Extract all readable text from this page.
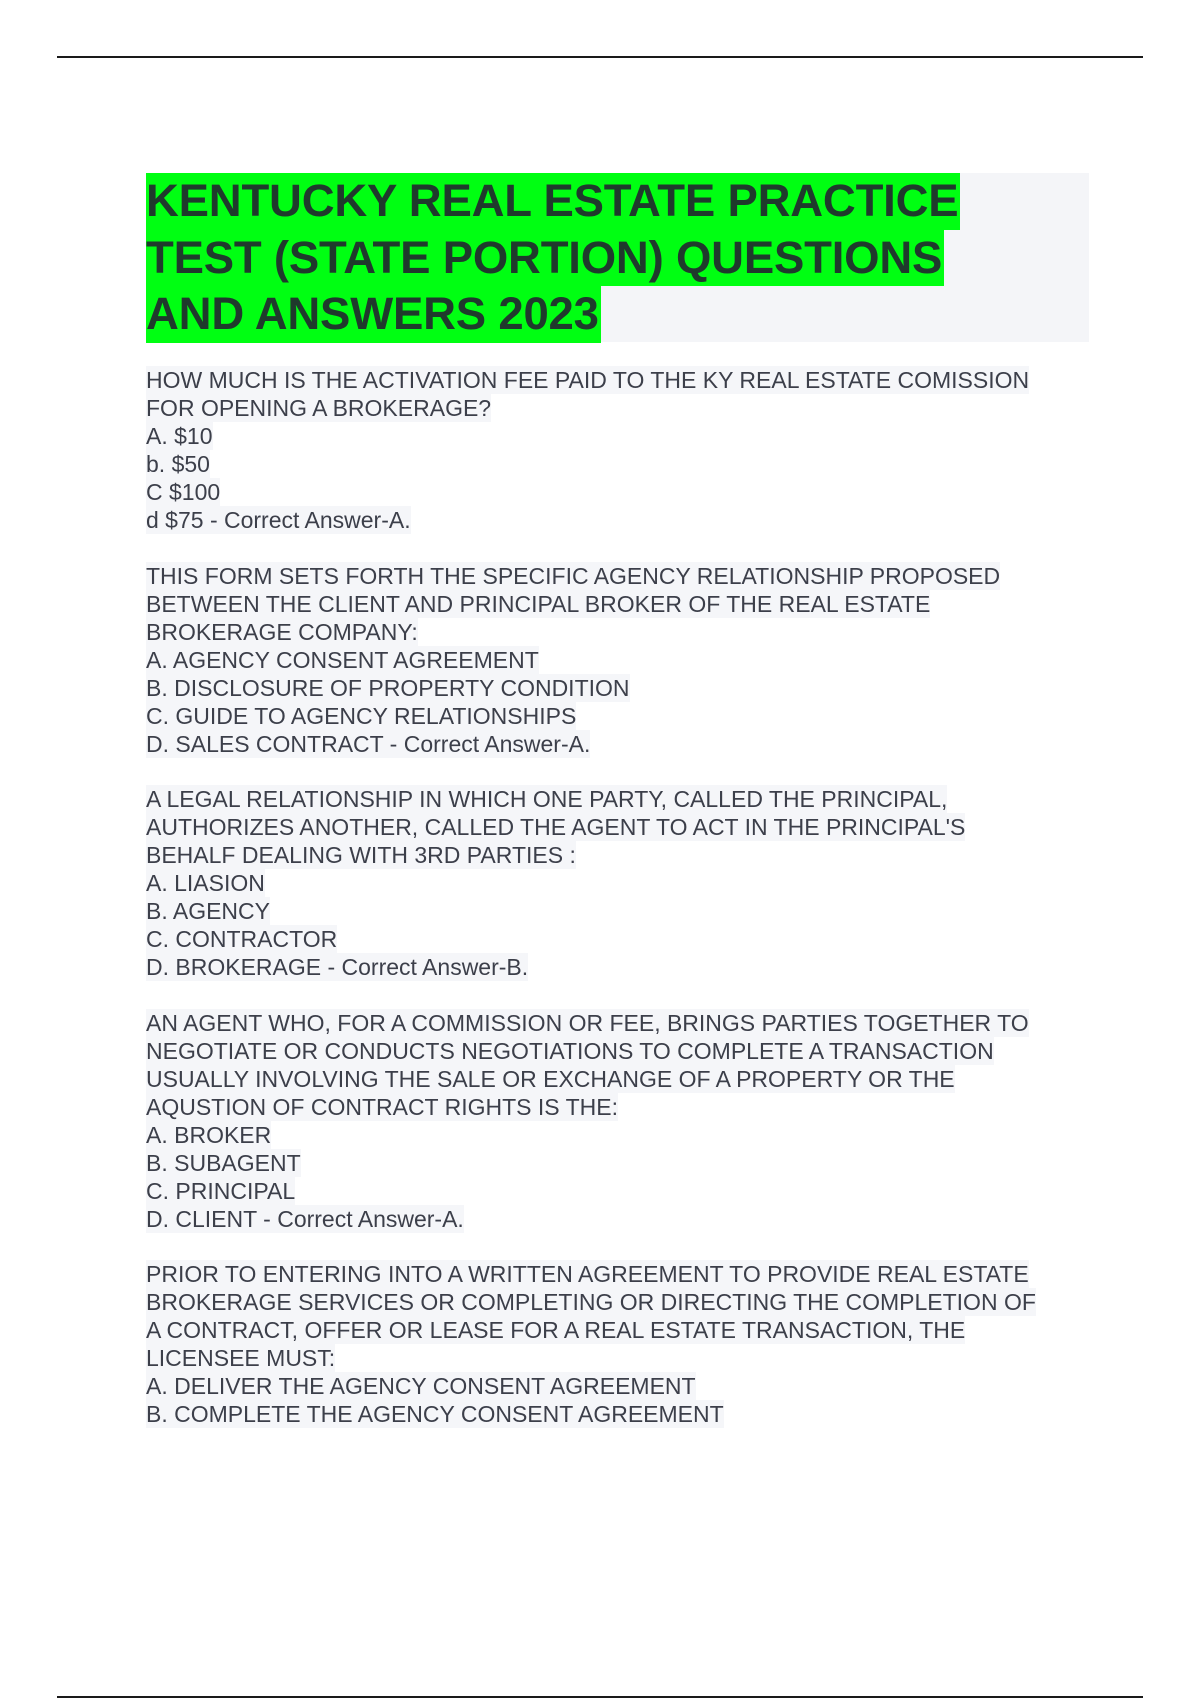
KENTUCKY REAL ESTATE PRACTICE
TEST (STATE PORTION) QUESTIONS
AND ANSWERS 2023
HOW MUCH IS THE ACTIVATION FEE PAID TO THE KY REAL ESTATE COMISSION
FOR OPENING A BROKERAGE?
A. $10
b. $50
C $100
d $75 - Correct Answer-A.
THIS FORM SETS FORTH THE SPECIFIC AGENCY RELATIONSHIP PROPOSED
BETWEEN THE CLIENT AND PRINCIPAL BROKER OF THE REAL ESTATE
BROKERAGE COMPANY:
A. AGENCY CONSENT AGREEMENT
B. DISCLOSURE OF PROPERTY CONDITION
C. GUIDE TO AGENCY RELATIONSHIPS
D. SALES CONTRACT - Correct Answer-A.
A LEGAL RELATIONSHIP IN WHICH ONE PARTY, CALLED THE PRINCIPAL,
AUTHORIZES ANOTHER, CALLED THE AGENT TO ACT IN THE PRINCIPAL'S
BEHALF DEALING WITH 3RD PARTIES :
A. LIASION
B. AGENCY
C. CONTRACTOR
D. BROKERAGE - Correct Answer-B.
AN AGENT WHO, FOR A COMMISSION OR FEE, BRINGS PARTIES TOGETHER TO
NEGOTIATE OR CONDUCTS NEGOTIATIONS TO COMPLETE A TRANSACTION
USUALLY INVOLVING THE SALE OR EXCHANGE OF A PROPERTY OR THE
AQUSTION OF CONTRACT RIGHTS IS THE:
A. BROKER
B. SUBAGENT
C. PRINCIPAL
D. CLIENT - Correct Answer-A.
PRIOR TO ENTERING INTO A WRITTEN AGREEMENT TO PROVIDE REAL ESTATE
BROKERAGE SERVICES OR COMPLETING OR DIRECTING THE COMPLETION OF
A CONTRACT, OFFER OR LEASE FOR A REAL ESTATE TRANSACTION, THE
LICENSEE MUST:
A. DELIVER THE AGENCY CONSENT AGREEMENT
B. COMPLETE THE AGENCY CONSENT AGREEMENT
